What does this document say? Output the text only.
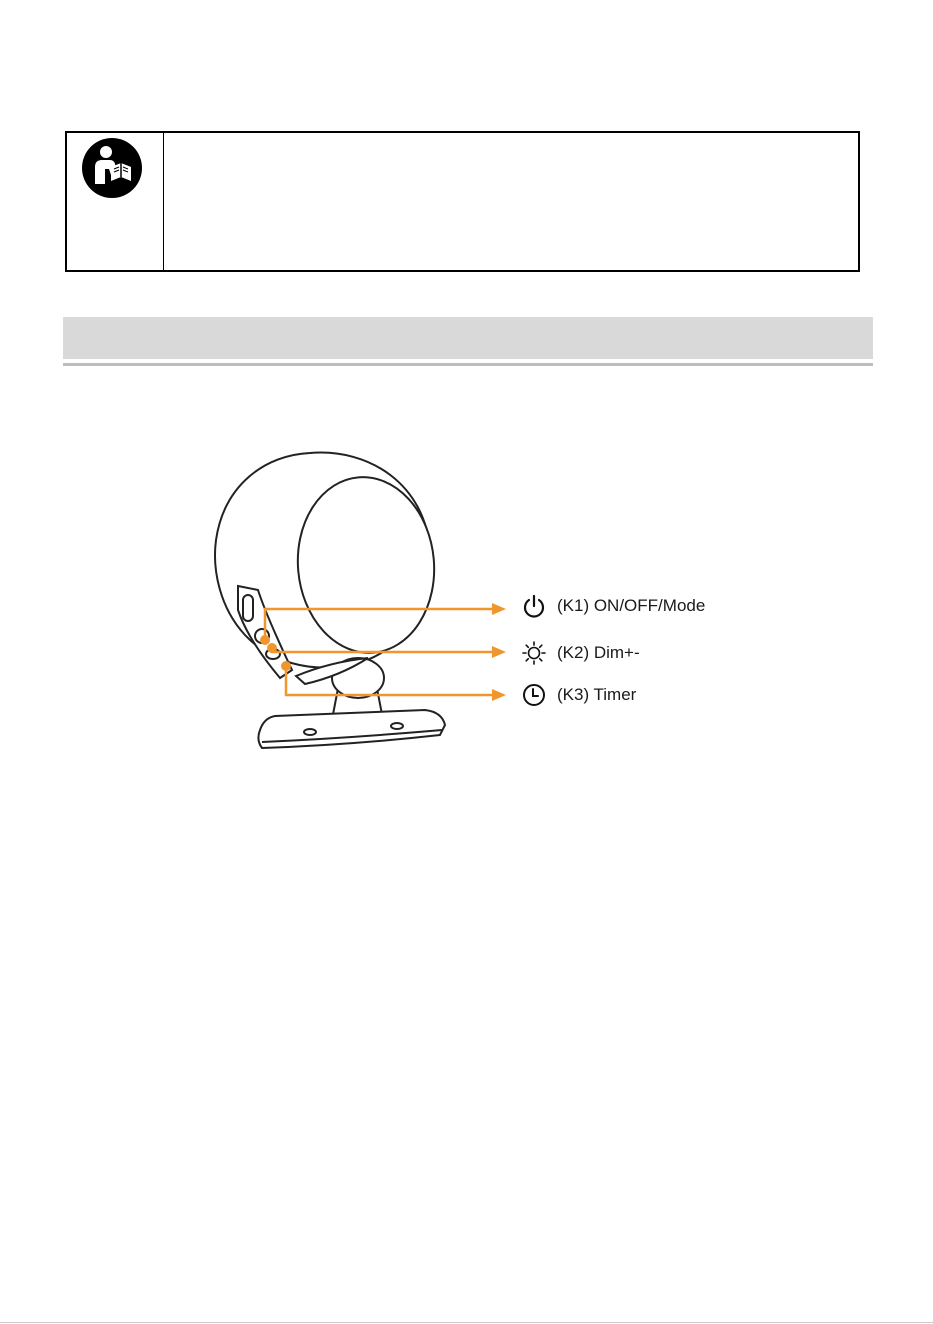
(K1) ON/OFF/Mode
(K2) Dim+-
(K3) Timer
